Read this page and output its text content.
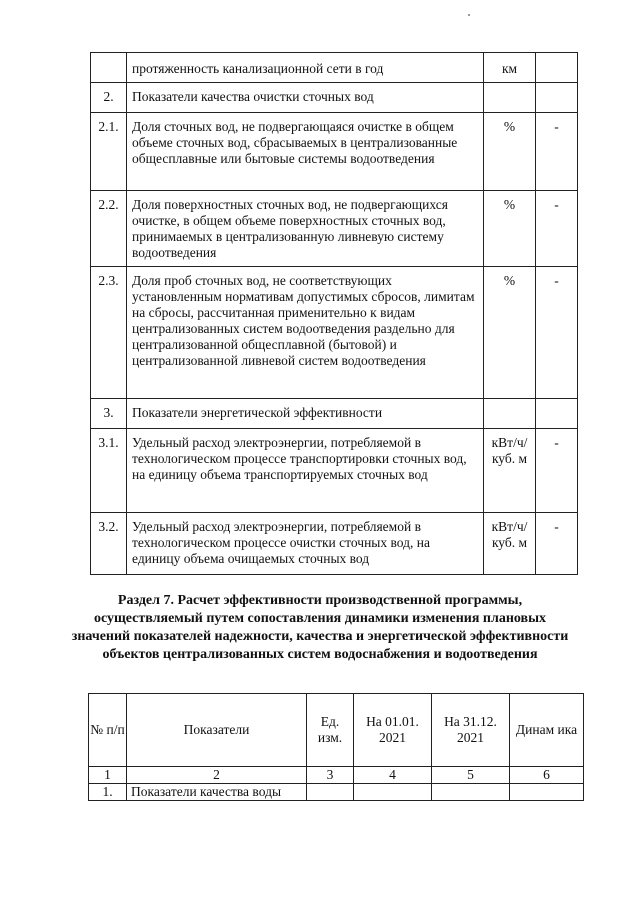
	протяженность канализационной сети в год	км	
2.	Показатели качества очистки сточных вод		
2.1.	Доля сточных вод, не подвергающаяся очистке в общем объеме сточных вод, сбрасываемых в централизованные общесплавные или бытовые системы водоотведения	%	-
2.2.	Доля поверхностных сточных вод, не подвергающихся очистке, в общем объеме поверхностных сточных вод, принимаемых в централизованную ливневую систему водоотведения	%	-
2.3.	Доля проб сточных вод, не соответствующих установленным нормативам допустимых сбросов, лимитам на сбросы, рассчитанная применительно к видам централизованных систем водоотведения раздельно для централизованной общесплавной (бытовой) и централизованной ливневой систем водоотведения	%	-
3.	Показатели энергетической эффективности		
3.1.	Удельный расход электроэнергии, потребляемой в технологическом процессе транспортировки сточных вод, на единицу объема транспортируемых сточных вод	кВт/ч/ куб. м	-
3.2.	Удельный расход электроэнергии, потребляемой в технологическом процессе очистки сточных вод, на единицу объема очищаемых сточных вод	кВт/ч/ куб. м	-
Раздел 7. Расчет эффективности производственной программы, осуществляемый путем сопоставления динамики изменения плановых значений показателей надежности, качества и энергетической эффективности объектов централизованных систем водоснабжения и водоотведения
№ п/п	Показатели	Ед. изм.	На 01.01. 2021	На 31.12. 2021	Динам ика
1	2	3	4	5	6
1.	Показатели качества воды				
